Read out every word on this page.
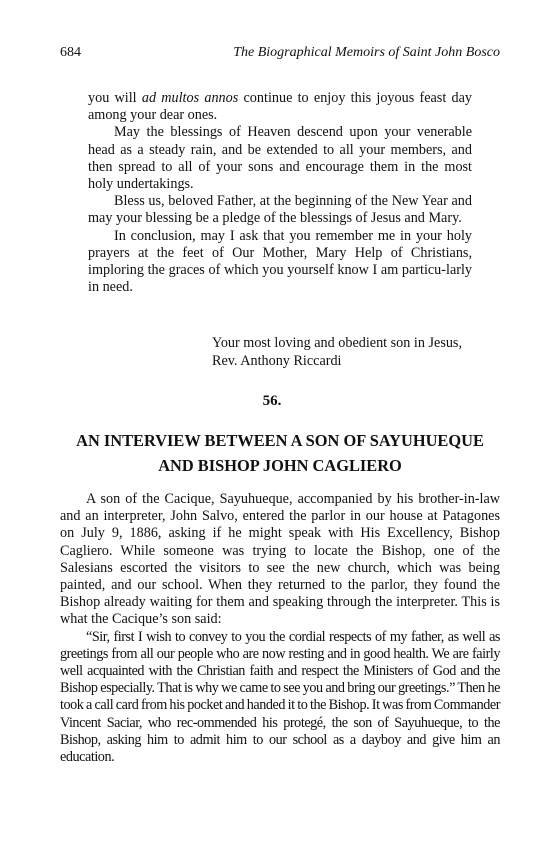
684	The Biographical Memoirs of Saint John Bosco

you will ad multos annos continue to enjoy this joyous feast day among your dear ones.

May the blessings of Heaven descend upon your venerable head as a steady rain, and be extended to all your members, and then spread to all of your sons and encourage them in the most holy undertakings.

Bless us, beloved Father, at the beginning of the New Year and may your blessing be a pledge of the blessings of Jesus and Mary.

In conclusion, may I ask that you remember me in your holy prayers at the feet of Our Mother, Mary Help of Christians, imploring the graces of which you yourself know I am particu-larly in need.

Your most loving and obedient son in Jesus,
Rev. Anthony Riccardi
56.
AN INTERVIEW BETWEEN A SON OF SAYUHUEQUE
AND BISHOP JOHN CAGLIERO

A son of the Cacique, Sayuhueque, accompanied by his brother-in-law and an interpreter, John Salvo, entered the parlor in our house at Patagones on July 9, 1886, asking if he might speak with His Excellency, Bishop Cagliero. While someone was trying to locate the Bishop, one of the Salesians escorted the visitors to see the new church, which was being painted, and our school. When they returned to the parlor, they found the Bishop already waiting for them and speaking through the interpreter. This is what the Cacique’s son said:

“Sir, first I wish to convey to you the cordial respects of my father, as well as greetings from all our people who are now resting and in good health. We are fairly well acquainted with the Christian faith and respect the Ministers of God and the Bishop especially. That is why we came to see you and bring our greetings.” Then he took a call card from his pocket and handed it to the Bishop. It was from Commander Vincent Saciar, who rec-ommended his protegé, the son of Sayuhueque, to the Bishop, asking him to admit him to our school as a dayboy and give him an education.
